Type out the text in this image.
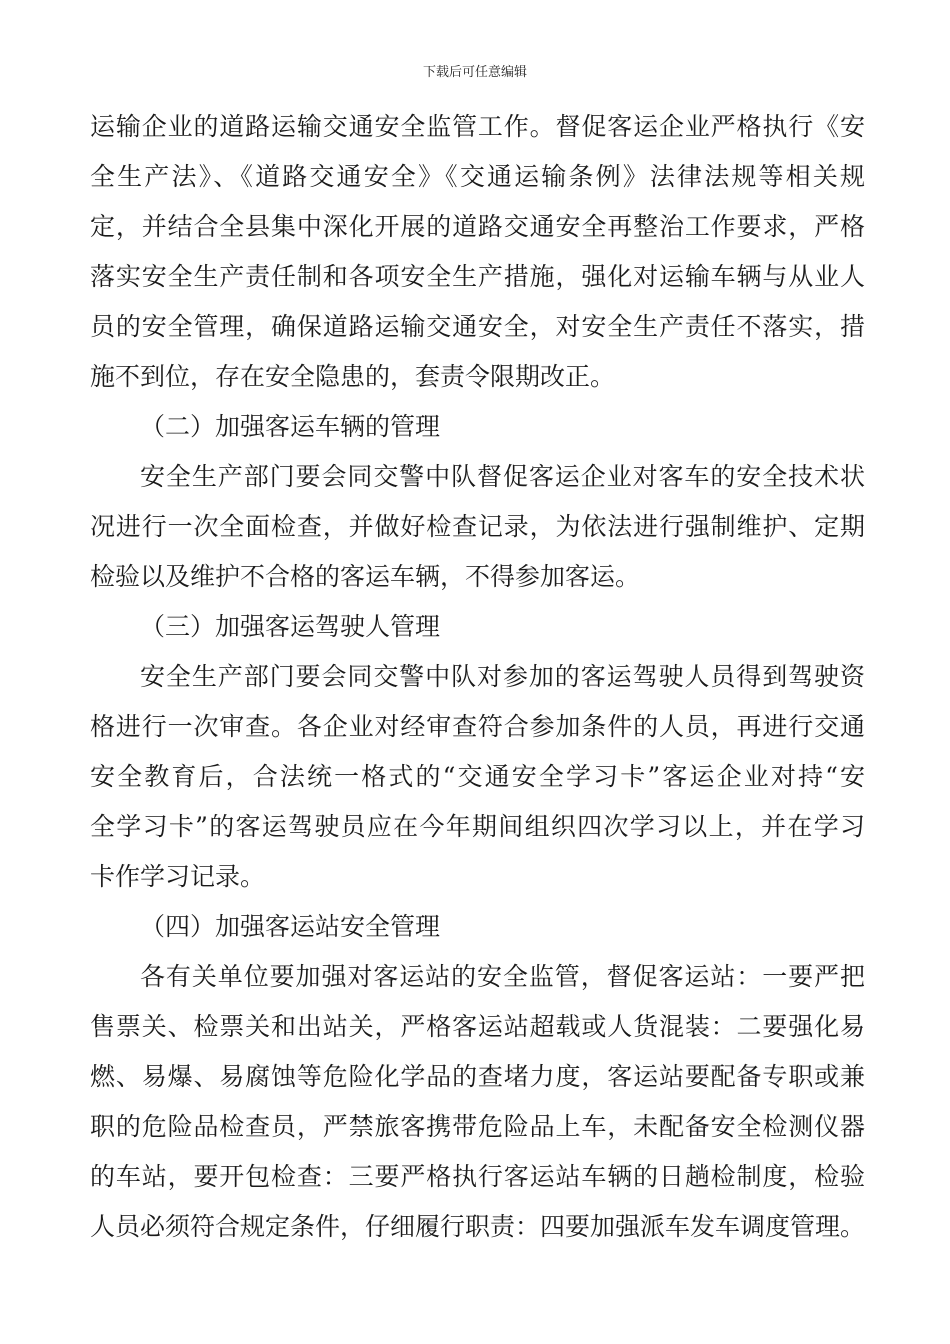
下载后可任意编辑
运输企业的道路运输交通安全监管工作。督促客运企业严格执行《安
全生产法》、《道路交通安全》《交通运输条例》法律法规等相关规
定，并结合全县集中深化开展的道路交通安全再整治工作要求，严格
落实安全生产责任制和各项安全生产措施，强化对运输车辆与从业人
员的安全管理，确保道路运输交通安全，对安全生产责任不落实，措
施不到位，存在安全隐患的，套责令限期改正。
（二）加强客运车辆的管理
安全生产部门要会同交警中队督促客运企业对客车的安全技术状
况进行一次全面检查，并做好检查记录，为依法进行强制维护、定期
检验以及维护不合格的客运车辆，不得参加客运。
（三）加强客运驾驶人管理
安全生产部门要会同交警中队对参加的客运驾驶人员得到驾驶资
格进行一次审查。各企业对经审查符合参加条件的人员，再进行交通
安全教育后，合法统一格式的“交通安全学习卡”客运企业对持“安
全学习卡”的客运驾驶员应在今年期间组织四次学习以上，并在学习
卡作学习记录。
（四）加强客运站安全管理
各有关单位要加强对客运站的安全监管，督促客运站：一要严把
售票关、检票关和出站关，严格客运站超载或人货混装：二要强化易
燃、易爆、易腐蚀等危险化学品的查堵力度，客运站要配备专职或兼
职的危险品检查员，严禁旅客携带危险品上车，未配备安全检测仪器
的车站，要开包检查：三要严格执行客运站车辆的日趟检制度，检验
人员必须符合规定条件，仔细履行职责：四要加强派车发车调度管理。
